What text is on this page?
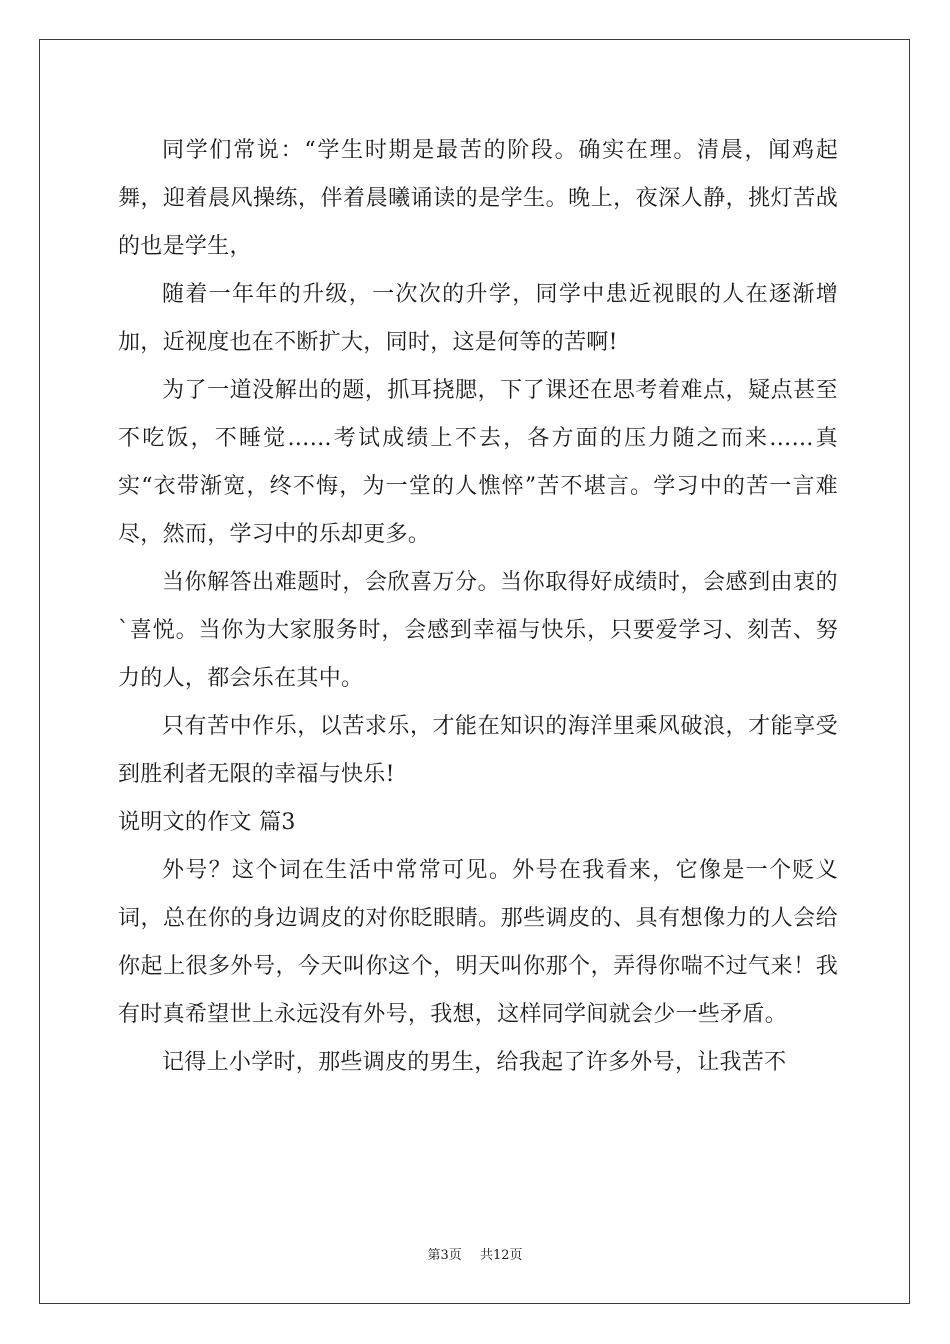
同学们常说：“学生时期是最苦的阶段。确实在理。清晨，闻鸡起舞，迎着晨风操练，伴着晨曦诵读的是学生。晚上，夜深人静，挑灯苦战的也是学生，

随着一年年的升级，一次次的升学，同学中患近视眼的人在逐渐增加，近视度也在不断扩大，同时，这是何等的苦啊!

为了一道没解出的题，抓耳挠腮，下了课还在思考着难点，疑点甚至不吃饭，不睡觉……考试成绩上不去，各方面的压力随之而来……真实“衣带渐宽，终不悔，为一堂的人憔悴”苦不堪言。学习中的苦一言难尽，然而，学习中的乐却更多。

当你解答出难题时，会欣喜万分。当你取得好成绩时，会感到由衷的`喜悦。当你为大家服务时，会感到幸福与快乐，只要爱学习、刻苦、努力的人，都会乐在其中。

只有苦中作乐，以苦求乐，才能在知识的海洋里乘风破浪，才能享受到胜利者无限的幸福与快乐!

说明文的作文 篇3

外号？这个词在生活中常常可见。外号在我看来，它像是一个贬义词，总在你的身边调皮的对你眨眼睛。那些调皮的、具有想像力的人会给你起上很多外号，今天叫你这个，明天叫你那个，弄得你喘不过气来！我有时真希望世上永远没有外号，我想，这样同学间就会少一些矛盾。

记得上小学时，那些调皮的男生，给我起了许多外号，让我苦不

第3页 共12页
